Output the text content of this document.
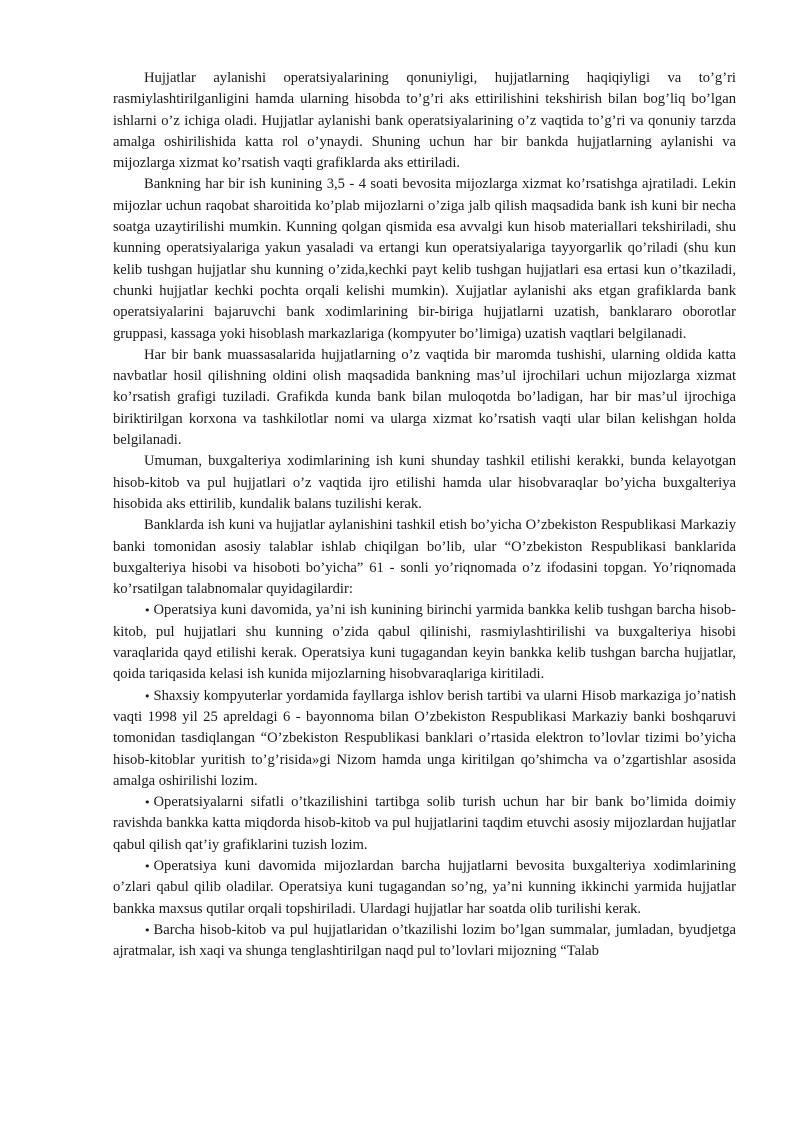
Hujjatlar aylanishi operatsiyalarining qonuniyligi, hujjatlarning haqiqiyligi va to’g’ri rasmiylashtirilganligini hamda ularning hisobda to’g’ri aks ettirilishini tekshirish bilan bog’liq bo’lgan ishlarni o’z ichiga oladi. Hujjatlar aylanishi bank operatsiyalarining o’z vaqtida to’g’ri va qonuniy tarzda amalga oshirilishida katta rol o’ynaydi. Shuning uchun har bir bankda hujjatlarning aylanishi va mijozlarga xizmat ko’rsatish vaqti grafiklarda aks ettiriladi.

Bankning har bir ish kunining 3,5 - 4 soati bevosita mijozlarga xizmat ko’rsatishga ajratiladi. Lekin mijozlar uchun raqobat sharoitida ko’plab mijozlarni o’ziga jalb qilish maqsadida bank ish kuni bir necha soatga uzaytirilishi mumkin. Kunning qolgan qismida esa avvalgi kun hisob materiallari tekshiriladi, shu kunning operatsiyalariga yakun yasaladi va ertangi kun operatsiyalariga tayyorgarlik qo’riladi (shu kun kelib tushgan hujjatlar shu kunning o’zida,kechki payt kelib tushgan hujjatlari esa ertasi kun o’tkaziladi, chunki hujjatlar kechki pochta orqali kelishi mumkin). Xujjatlar aylanishi aks etgan grafiklarda bank operatsiyalarini bajaruvchi bank xodimlarining bir-biriga hujjatlarni uzatish, banklararo oborotlar gruppasi, kassaga yoki hisoblash markazlariga (kompyuter bo’limiga) uzatish vaqtlari belgilanadi.

Har bir bank muassasalarida hujjatlarning o’z vaqtida bir maromda tushishi, ularning oldida katta navbatlar hosil qilishning oldini olish maqsadida bankning mas’ul ijrochilari uchun mijozlarga xizmat ko’rsatish grafigi tuziladi. Grafikda kunda bank bilan muloqotda bo’ladigan, har bir mas’ul ijrochiga biriktirilgan korxona va tashkilotlar nomi va ularga xizmat ko’rsatish vaqti ular bilan kelishgan holda belgilanadi.

Umuman, buxgalteriya xodimlarining ish kuni shunday tashkil etilishi kerakki, bunda kelayotgan hisob-kitob va pul hujjatlari o’z vaqtida ijro etilishi hamda ular hisobvaraqlar bo’yicha buxgalteriya hisobida aks ettirilib, kundalik balans tuzilishi kerak.

Banklarda ish kuni va hujjatlar aylanishini tashkil etish bo’yicha O’zbekiston Respublikasi Markaziy banki tomonidan asosiy talablar ishlab chiqilgan bo’lib, ular “O’zbekiston Respublikasi banklarida buxgalteriya hisobi va hisoboti bo’yicha” 61 - sonli yo’riqnomada o’z ifodasini topgan. Yo’riqnomada ko’rsatilgan talabnomalar quyidagilardir:

• Operatsiya kuni davomida, ya’ni ish kunining birinchi yarmida bankka kelib tushgan barcha hisob-kitob, pul hujjatlari shu kunning o’zida qabul qilinishi, rasmiylashtirilishi va buxgalteriya hisobi varaqlarida qayd etilishi kerak. Operatsiya kuni tugagandan keyin bankka kelib tushgan barcha hujjatlar, qoida tariqasida kelasi ish kunida mijozlarning hisobvaraqlariga kiritiladi.

• Shaxsiy kompyuterlar yordamida fayllarga ishlov berish tartibi va ularni Hisob markaziga jo’natish vaqti 1998 yil 25 apreldagi 6 - bayonnoma bilan O’zbekiston Respublikasi Markaziy banki boshqaruvi tomonidan tasdiqlangan “O’zbekiston Respublikasi banklari o’rtasida elektron to’lovlar tizimi bo’yicha hisob-kitoblar yuritish to’g’risida»gi Nizom hamda unga kiritilgan qo’shimcha va o’zgartishlar asosida amalga oshirilishi lozim.

• Operatsiyalarni sifatli o’tkazilishini tartibga solib turish uchun har bir bank bo’limida doimiy ravishda bankka katta miqdorda hisob-kitob va pul hujjatlarini taqdim etuvchi asosiy mijozlardan hujjatlar qabul qilish qat’iy grafiklarini tuzish lozim.

• Operatsiya kuni davomida mijozlardan barcha hujjatlarni bevosita buxgalteriya xodimlarining o’zlari qabul qilib oladilar. Operatsiya kuni tugagandan so’ng, ya’ni kunning ikkinchi yarmida hujjatlar bankka maxsus qutilar orqali topshiriladi. Ulardagi hujjatlar har soatda olib turilishi kerak.

• Barcha hisob-kitob va pul hujjatlaridan o’tkazilishi lozim bo’lgan summalar, jumladan, byudjetga ajratmalar, ish xaqi va shunga tenglashtirilgan naqd pul to’lovlari mijozning “Talab
